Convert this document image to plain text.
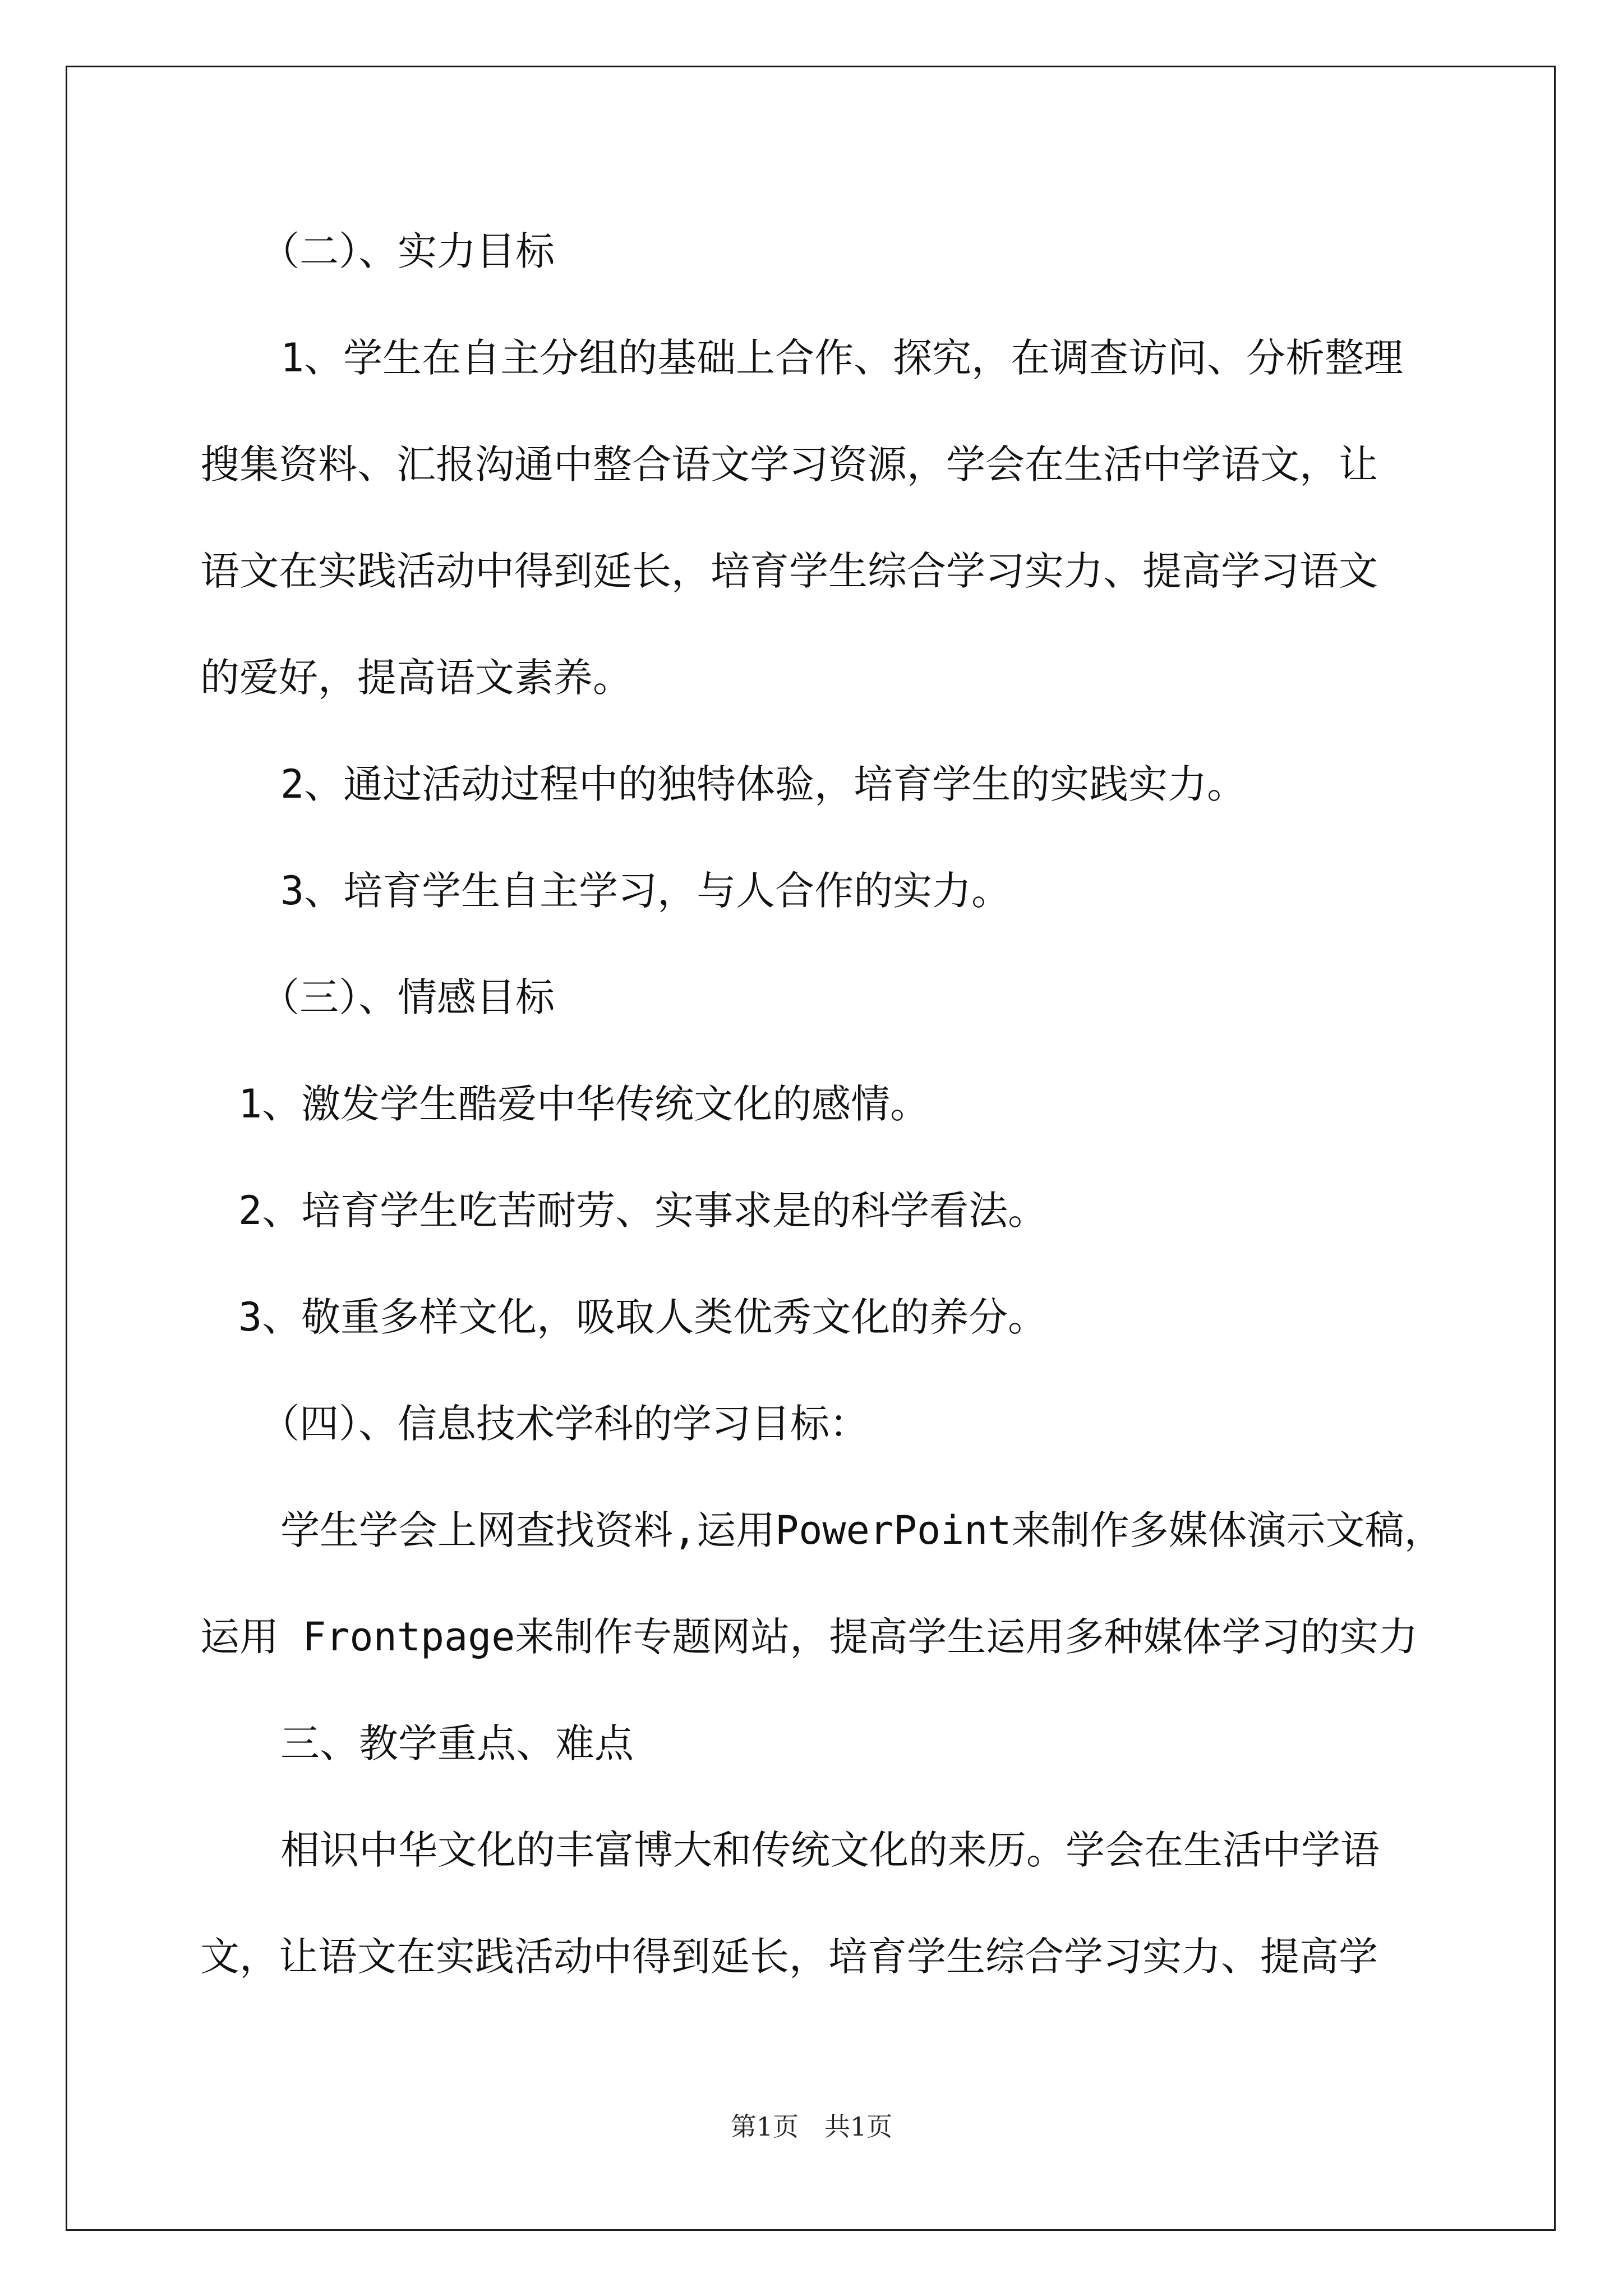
（二）、实力目标
1、学生在自主分组的基础上合作、探究，在调查访问、分析整理
搜集资料、汇报沟通中整合语文学习资源，学会在生活中学语文，让
语文在实践活动中得到延长，培育学生综合学习实力、提高学习语文
的爱好，提高语文素养。
2、通过活动过程中的独特体验，培育学生的实践实力。
3、培育学生自主学习，与人合作的实力。
（三）、情感目标
1、激发学生酷爱中华传统文化的感情。
2、培育学生吃苦耐劳、实事求是的科学看法。
3、敬重多样文化，吸取人类优秀文化的养分。
（四）、信息技术学科的学习目标：
学生学会上网查找资料,运用PowerPoint来制作多媒体演示文稿，
运用 Frontpage来制作专题网站，提高学生运用多种媒体学习的实力
三、教学重点、难点
相识中华文化的丰富博大和传统文化的来历。学会在生活中学语
文，让语文在实践活动中得到延长，培育学生综合学习实力、提高学
第1页　共1页
